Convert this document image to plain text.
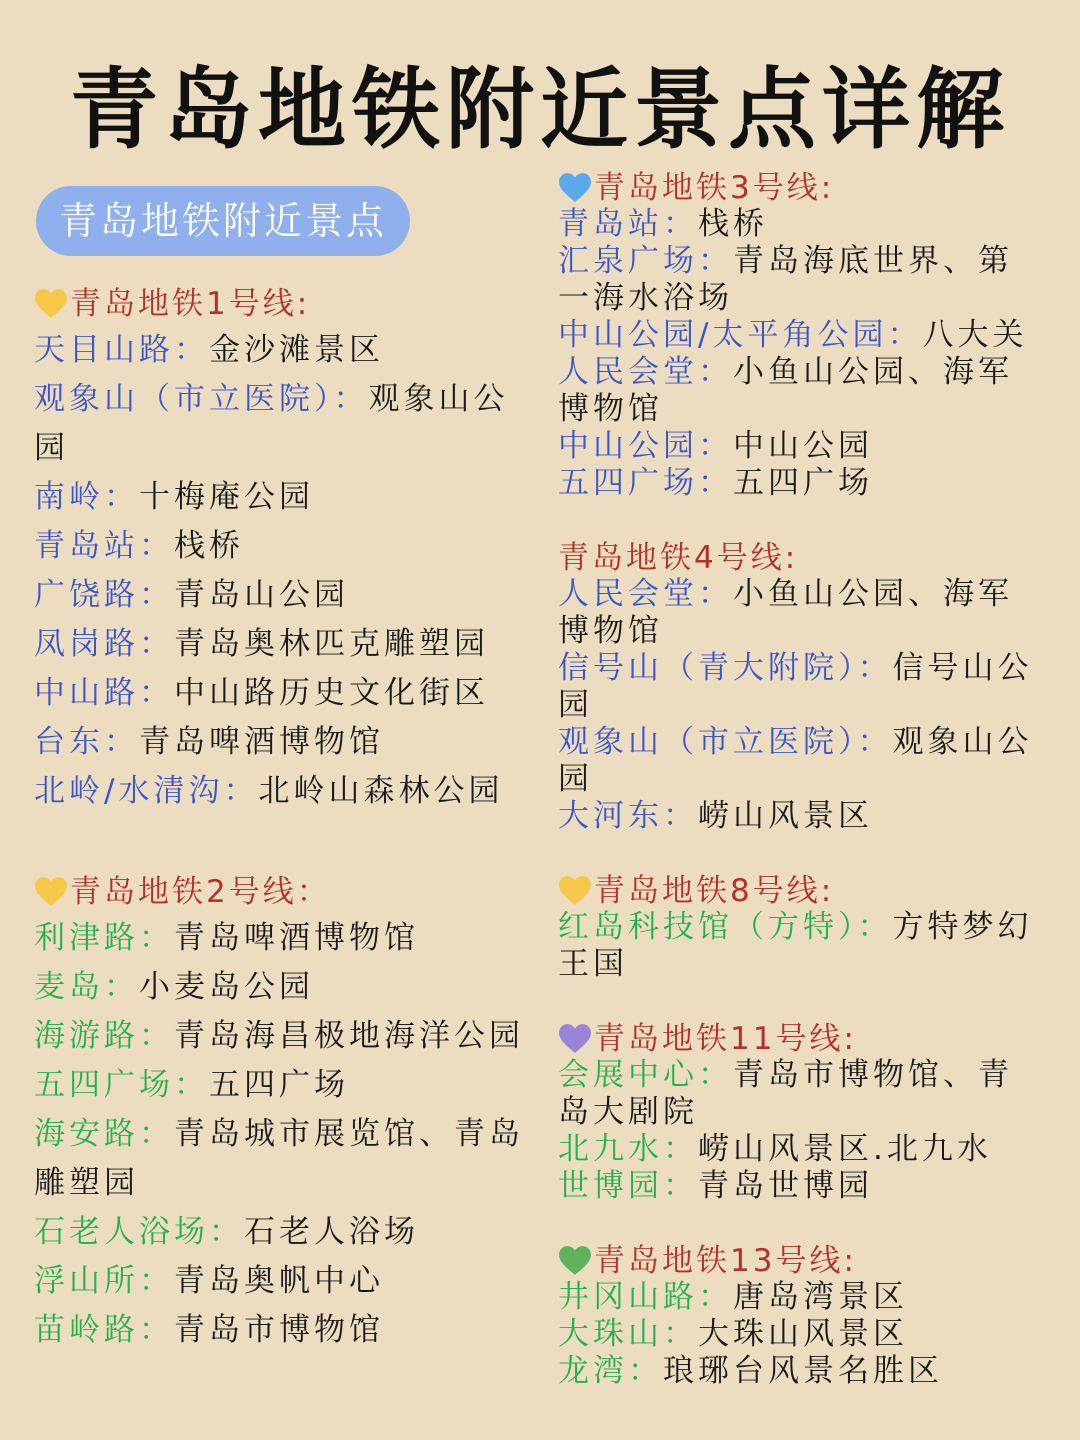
青岛地铁附近景点详解
青岛地铁附近景点
青岛地铁1号线:
天目山路：金沙滩景区
观象山（市立医院）：观象山公园
南岭：十梅庵公园
青岛站：栈桥
广饶路：青岛山公园
凤岗路：青岛奥林匹克雕塑园
中山路：中山路历史文化街区
台东：青岛啤酒博物馆
北岭/水清沟：北岭山森林公园
青岛地铁2号线：
利津路：青岛啤酒博物馆
麦岛：小麦岛公园
海游路：青岛海昌极地海洋公园
五四广场：五四广场
海安路：青岛城市展览馆、青岛雕塑园
石老人浴场：石老人浴场
浮山所：青岛奥帆中心
苗岭路：青岛市博物馆
青岛地铁3号线:
青岛站：栈桥
汇泉广场：青岛海底世界、第一海水浴场
中山公园/太平角公园：八大关
人民会堂：小鱼山公园、海军博物馆
中山公园：中山公园
五四广场：五四广场
青岛地铁4号线:
人民会堂：小鱼山公园、海军博物馆
信号山（青大附院）：信号山公园
观象山（市立医院）：观象山公园
大河东：崂山风景区
青岛地铁8号线:
红岛科技馆（方特）：方特梦幻王国
青岛地铁11号线:
会展中心：青岛市博物馆、青岛大剧院
北九水：崂山风景区.北九水
世博园：青岛世博园
青岛地铁13号线:
井冈山路：唐岛湾景区
大珠山：大珠山风景区
龙湾：琅琊台风景名胜区
